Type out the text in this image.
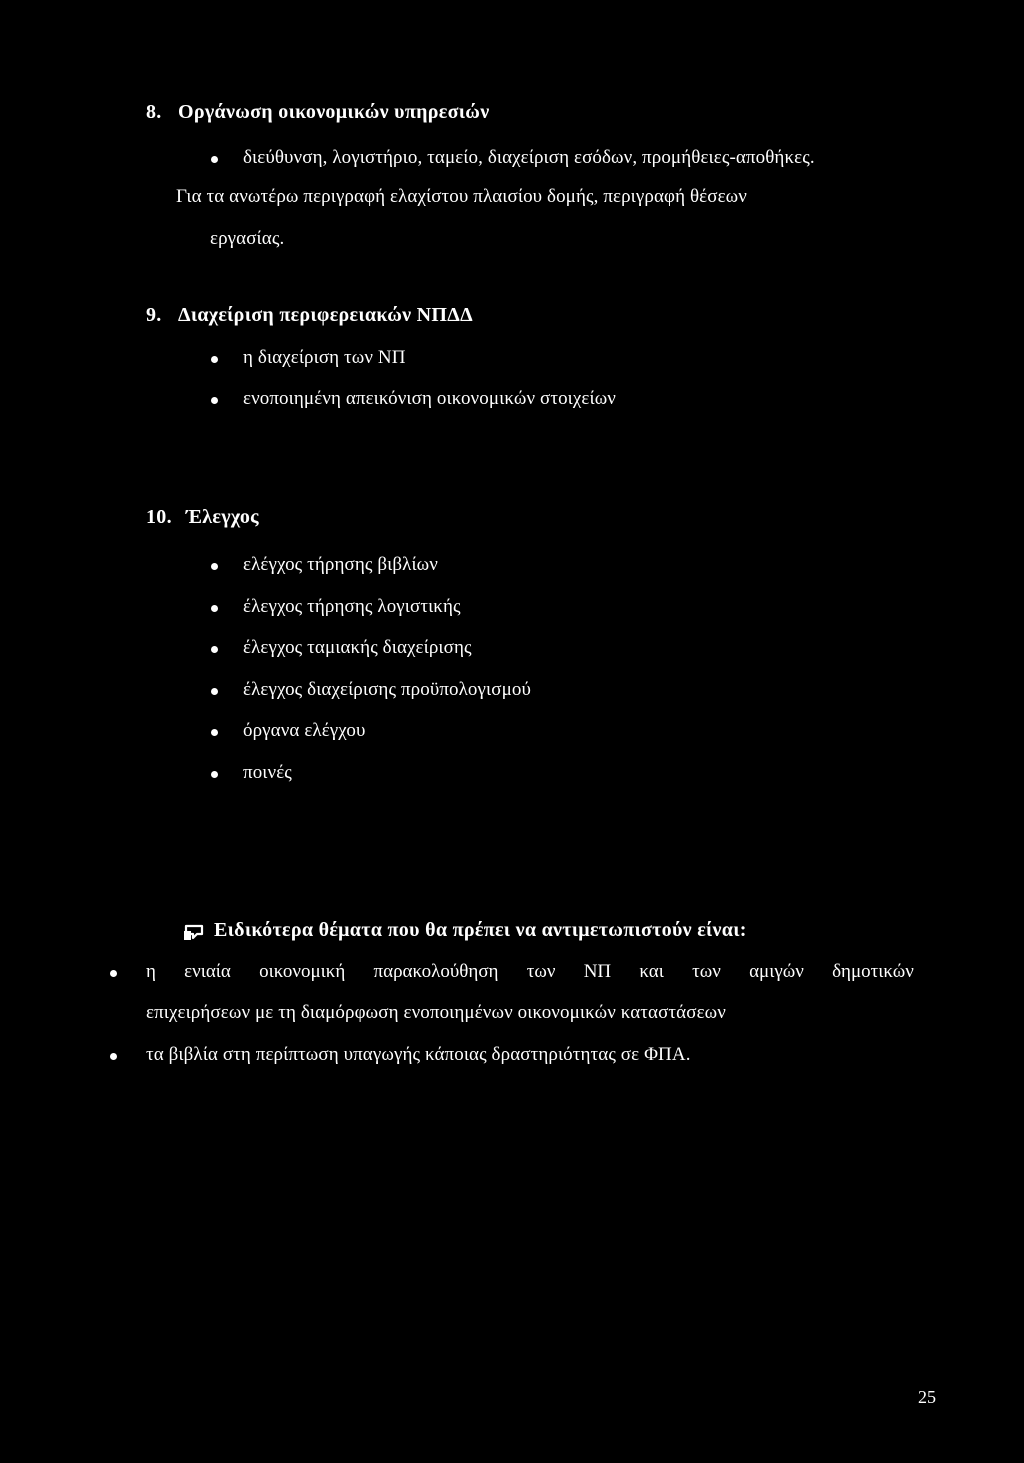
8. Οργάνωση οικονομικών υπηρεσιών
διεύθυνση, λογιστήριο, ταμείο, διαχείριση εσόδων, προμήθειες-αποθήκες.
Για τα ανωτέρω περιγραφή ελαχίστου πλαισίου δομής, περιγραφή θέσεων
εργασίας.
9. Διαχείριση περιφερειακών ΝΠΔΔ
η διαχείριση των ΝΠ
ενοποιημένη απεικόνιση οικονομικών στοιχείων
10. Έλεγχος
ελέγχος τήρησης βιβλίων
έλεγχος τήρησης λογιστικής
έλεγχος ταμιακής διαχείρισης
έλεγχος διαχείρισης προϋπολογισμού
όργανα ελέγχου
ποινές
Ειδικότερα θέματα που θα πρέπει να αντιμετωπιστούν είναι:
η ενιαία οικονομική παρακολούθηση των ΝΠ και των αμιγών δημοτικών
επιχειρήσεων με τη διαμόρφωση ενοποιημένων οικονομικών καταστάσεων
τα βιβλία στη περίπτωση υπαγωγής κάποιας δραστηριότητας σε ΦΠΑ.
25
